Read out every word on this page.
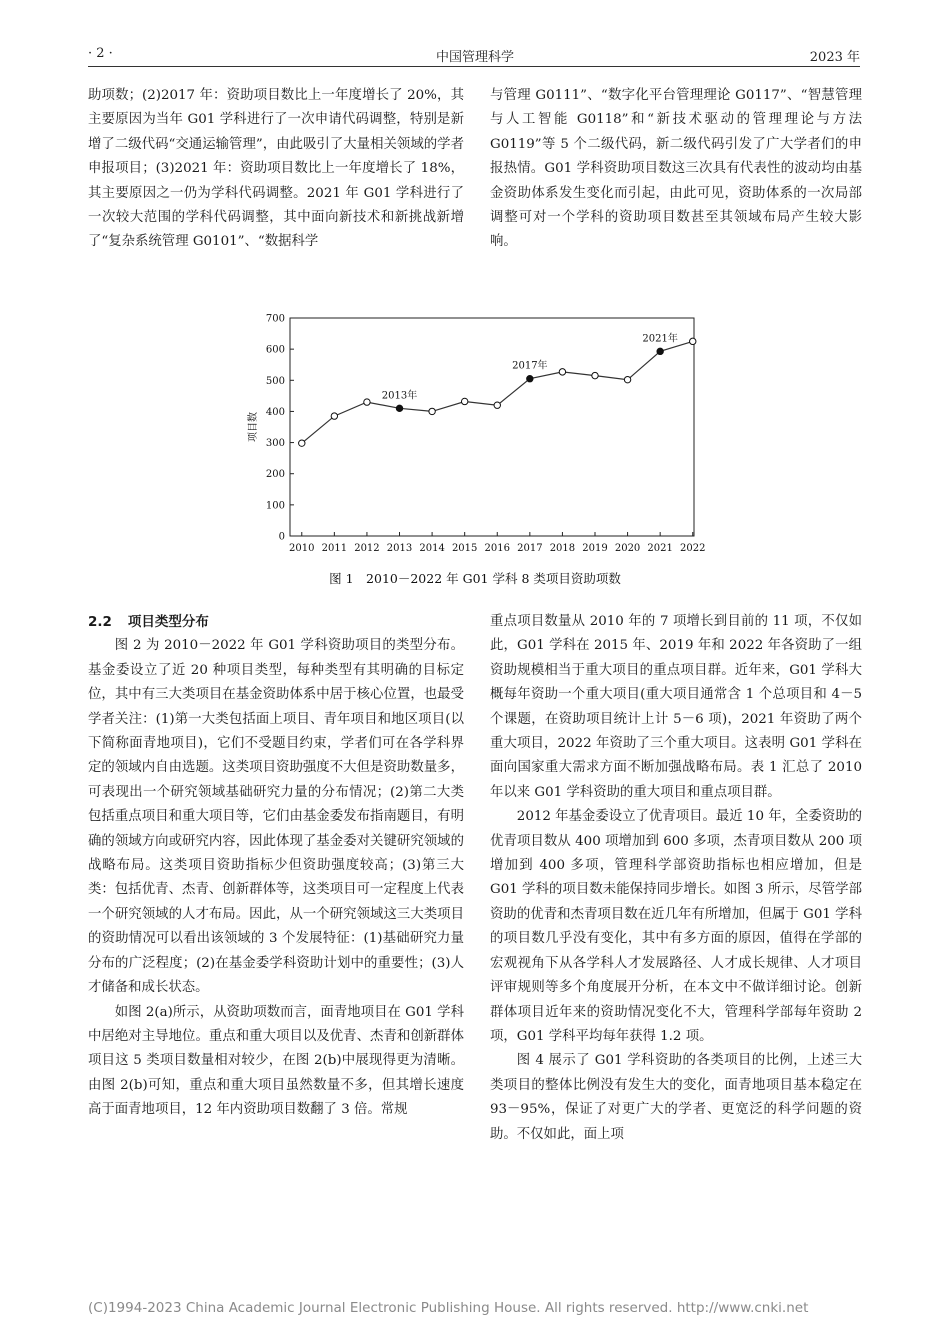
· 2 ·	中国管理科学	2023 年

助项数；(2)2017 年：资助项目数比上一年度增长了 20%，其主要原因为当年 G01 学科进行了一次申请代码调整，特别是新增了二级代码“交通运输管理”，由此吸引了大量相关领域的学者申报项目；(3)2021 年：资助项目数比上一年度增长了 18%，其主要原因之一仍为学科代码调整。2021 年 G01 学科进行了一次较大范围的学科代码调整，其中面向新技术和新挑战新增了“复杂系统管理 G0101”、“数据科学

与管理 G0111”、“数字化平台管理理论 G0117”、“智慧管理与人工智能 G0118”和“新技术驱动的管理理论与方法 G0119”等 5 个二级代码，新二级代码引发了广大学者们的申报热情。G01 学科资助项目数这三次具有代表性的波动均由基金资助体系发生变化而引起，由此可见，资助体系的一次局部调整可对一个学科的资助项目数甚至其领域布局产生较大影响。

0
100
200
300
400
500
600
700
2010 2011 2012 2013 2014 2015 2016 2017 2018 2019 2020 2021 2022
2013年
2017年
2021年
项目数
图 1　2010－2022 年 G01 学科 8 类项目资助项数

2.2 项目类型分布

图 2 为 2010－2022 年 G01 学科资助项目的类型分布。基金委设立了近 20 种项目类型，每种类型有其明确的目标定位，其中有三大类项目在基金资助体系中居于核心位置，也最受学者关注：(1)第一大类包括面上项目、青年项目和地区项目(以下简称面青地项目)，它们不受题目约束，学者们可在各学科界定的领域内自由选题。这类项目资助强度不大但是资助数量多，可表现出一个研究领域基础研究力量的分布情况；(2)第二大类包括重点项目和重大项目等，它们由基金委发布指南题目，有明确的领域方向或研究内容，因此体现了基金委对关键研究领域的战略布局。这类项目资助指标少但资助强度较高；(3)第三大类：包括优青、杰青、创新群体等，这类项目可一定程度上代表一个研究领域的人才布局。因此，从一个研究领域这三大类项目的资助情况可以看出该领域的 3 个发展特征：(1)基础研究力量分布的广泛程度；(2)在基金委学科资助计划中的重要性；(3)人才储备和成长状态。

如图 2(a)所示，从资助项数而言，面青地项目在 G01 学科中居绝对主导地位。重点和重大项目以及优青、杰青和创新群体项目这 5 类项目数量相对较少，在图 2(b)中展现得更为清晰。由图 2(b)可知，重点和重大项目虽然数量不多，但其增长速度高于面青地项目，12 年内资助项目数翻了 3 倍。常规

重点项目数量从 2010 年的 7 项增长到目前的 11 项，不仅如此，G01 学科在 2015 年、2019 年和 2022 年各资助了一组资助规模相当于重大项目的重点项目群。近年来，G01 学科大概每年资助一个重大项目(重大项目通常含 1 个总项目和 4－5 个课题，在资助项目统计上计 5－6 项)，2021 年资助了两个重大项目，2022 年资助了三个重大项目。这表明 G01 学科在面向国家重大需求方面不断加强战略布局。表 1 汇总了 2010 年以来 G01 学科资助的重大项目和重点项目群。

2012 年基金委设立了优青项目。最近 10 年，全委资助的优青项目数从 400 项增加到 600 多项，杰青项目数从 200 项增加到 400 多项，管理科学部资助指标也相应增加，但是 G01 学科的项目数未能保持同步增长。如图 3 所示，尽管学部资助的优青和杰青项目数在近几年有所增加，但属于 G01 学科的项目数几乎没有变化，其中有多方面的原因，值得在学部的宏观视角下从各学科人才发展路径、人才成长规律、人才项目评审规则等多个角度展开分析，在本文中不做详细讨论。创新群体项目近年来的资助情况变化不大，管理科学部每年资助 2 项，G01 学科平均每年获得 1.2 项。

图 4 展示了 G01 学科资助的各类项目的比例，上述三大类项目的整体比例没有发生大的变化，面青地项目基本稳定在 93－95%，保证了对更广大的学者、更宽泛的科学问题的资助。不仅如此，面上项

(C)1994-2023 China Academic Journal Electronic Publishing House. All rights reserved. http://www.cnki.net
